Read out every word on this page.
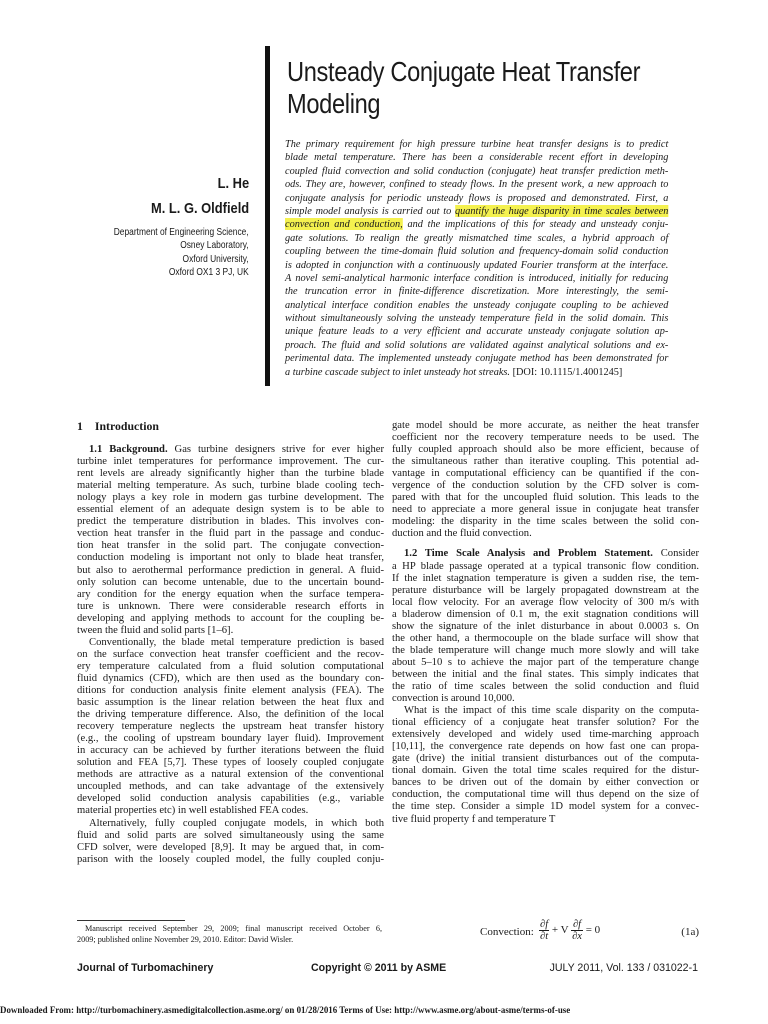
Unsteady Conjugate Heat Transfer
Modeling
L. He
M. L. G. Oldfield
Department of Engineering Science,
Osney Laboratory,
Oxford University,
Oxford OX1 3 PJ, UK
The primary requirement for high pressure turbine heat transfer designs is to predict
blade metal temperature. There has been a considerable recent effort in developing
coupled fluid convection and solid conduction (conjugate) heat transfer prediction meth-
ods. They are, however, confined to steady flows. In the present work, a new approach to
conjugate analysis for periodic unsteady flows is proposed and demonstrated. First, a
simple model analysis is carried out to quantify the huge disparity in time scales between
convection and conduction, and the implications of this for steady and unsteady conju-
gate solutions. To realign the greatly mismatched time scales, a hybrid approach of
coupling between the time-domain fluid solution and frequency-domain solid conduction
is adopted in conjunction with a continuously updated Fourier transform at the interface.
A novel semi-analytical harmonic interface condition is introduced, initially for reducing
the truncation error in finite-difference discretization. More interestingly, the semi-
analytical interface condition enables the unsteady conjugate coupling to be achieved
without simultaneously solving the unsteady temperature field in the solid domain. This
unique feature leads to a very efficient and accurate unsteady conjugate solution ap-
proach. The fluid and solid solutions are validated against analytical solutions and ex-
perimental data. The implemented unsteady conjugate method has been demonstrated for
a turbine cascade subject to inlet unsteady hot streaks. [DOI: 10.1115/1.4001245]
1 Introduction
1.1 Background. Gas turbine designers strive for ever higher
turbine inlet temperatures for performance improvement. The cur-
rent levels are already significantly higher than the turbine blade
material melting temperature. As such, turbine blade cooling tech-
nology plays a key role in modern gas turbine development. The
essential element of an adequate design system is to be able to
predict the temperature distribution in blades. This involves con-
vection heat transfer in the fluid part in the passage and conduc-
tion heat transfer in the solid part. The conjugate convection-
conduction modeling is important not only to blade heat transfer,
but also to aerothermal performance prediction in general. A fluid-
only solution can become untenable, due to the uncertain bound-
ary condition for the energy equation when the surface tempera-
ture is unknown. There were considerable research efforts in
developing and applying methods to account for the coupling be-
tween the fluid and solid parts [1–6].
Conventionally, the blade metal temperature prediction is based
on the surface convection heat transfer coefficient and the recov-
ery temperature calculated from a fluid solution computational
fluid dynamics (CFD), which are then used as the boundary con-
ditions for conduction analysis finite element analysis (FEA). The
basic assumption is the linear relation between the heat flux and
the driving temperature difference. Also, the definition of the local
recovery temperature neglects the upstream heat transfer history
(e.g., the cooling of upstream boundary layer fluid). Improvement
in accuracy can be achieved by further iterations between the fluid
solution and FEA [5,7]. These types of loosely coupled conjugate
methods are attractive as a natural extension of the conventional
uncoupled methods, and can take advantage of the extensively
developed solid conduction analysis capabilities (e.g., variable
material properties etc) in well established FEA codes.
Alternatively, fully coupled conjugate models, in which both
fluid and solid parts are solved simultaneously using the same
CFD solver, were developed [8,9]. It may be argued that, in com-
parison with the loosely coupled model, the fully coupled conju-
gate model should be more accurate, as neither the heat transfer
coefficient nor the recovery temperature needs to be used. The
fully coupled approach should also be more efficient, because of
the simultaneous rather than iterative coupling. This potential ad-
vantage in computational efficiency can be quantified if the con-
vergence of the conduction solution by the CFD solver is com-
pared with that for the uncoupled fluid solution. This leads to the
need to appreciate a more general issue in conjugate heat transfer
modeling: the disparity in the time scales between the solid con-
duction and the fluid convection.
1.2 Time Scale Analysis and Problem Statement. Consider
a HP blade passage operated at a typical transonic flow condition.
If the inlet stagnation temperature is given a sudden rise, the tem-
perature disturbance will be largely propagated downstream at the
local flow velocity. For an average flow velocity of 300 m/s with
a bladerow dimension of 0.1 m, the exit stagnation conditions will
show the signature of the inlet disturbance in about 0.0003 s. On
the other hand, a thermocouple on the blade surface will show that
the blade temperature will change much more slowly and will take
about 5–10 s to achieve the major part of the temperature change
between the initial and the final states. This simply indicates that
the ratio of time scales between the solid conduction and fluid
convection is around 10,000.
What is the impact of this time scale disparity on the computa-
tional efficiency of a conjugate heat transfer solution? For the
extensively developed and widely used time-marching approach
[10,11], the convergence rate depends on how fast one can propa-
gate (drive) the initial transient disturbances out of the computa-
tional domain. Given the total time scales required for the distur-
bances to be driven out of the domain by either convection or
conduction, the computational time will thus depend on the size of
the time step. Consider a simple 1D model system for a convec-
tive fluid property f and temperature T
Convection: $\frac{\partial f}{\partial t} + V \frac{\partial f}{\partial x} = 0$	(1a)
Manuscript received September 29, 2009; final manuscript received October 6,
2009; published online November 29, 2010. Editor: David Wisler.
Journal of Turbomachinery	Copyright © 2011 by ASME	JULY 2011, Vol. 133 / 031022-1
Downloaded From: http://turbomachinery.asmedigitalcollection.asme.org/ on 01/28/2016 Terms of Use: http://www.asme.org/about-asme/terms-of-use
